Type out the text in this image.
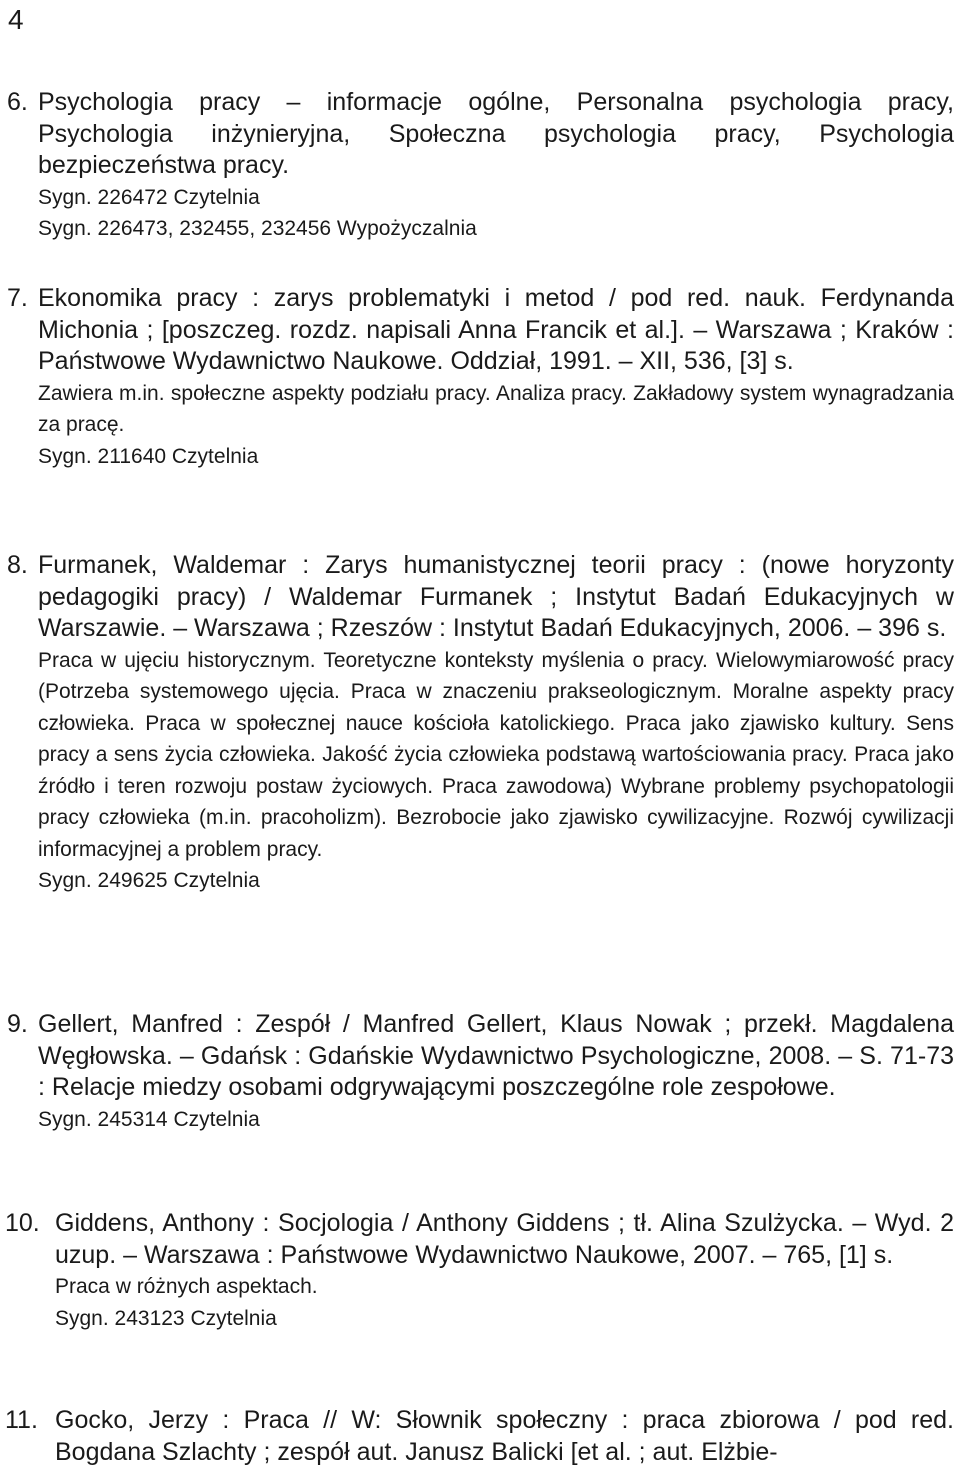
4
6. Psychologia pracy – informacje ogólne, Personalna psychologia pracy, Psychologia inżynieryjna, Społeczna psychologia pracy, Psychologia bezpieczeństwa pracy.

Sygn. 226472 Czytelnia

Sygn. 226473, 232455, 232456 Wypożyczalnia

7. Ekonomika pracy : zarys problematyki i metod / pod red. nauk. Ferdynanda Michonia ; [poszczeg. rozdz. napisali Anna Francik et al.]. – Warszawa ; Kraków : Państwowe Wydawnictwo Naukowe. Oddział, 1991. – XII, 536, [3] s.

Zawiera m.in. społeczne aspekty podziału pracy. Analiza pracy. Zakładowy system wynagradzania za pracę.

Sygn. 211640 Czytelnia

8. Furmanek, Waldemar : Zarys humanistycznej teorii pracy : (nowe horyzonty pedagogiki pracy) / Waldemar Furmanek ; Instytut Badań Edukacyjnych w Warszawie. – Warszawa ; Rzeszów : Instytut Badań Edukacyjnych, 2006. – 396 s.

Praca w ujęciu historycznym. Teoretyczne konteksty myślenia o pracy. Wielowymiarowość pracy (Potrzeba systemowego ujęcia. Praca w znaczeniu prakseologicznym. Moralne aspekty pracy człowieka. Praca w społecznej nauce kościoła katolickiego. Praca jako zjawisko kultury. Sens pracy a sens życia człowieka. Jakość życia człowieka podstawą wartościowania pracy. Praca jako źródło i teren rozwoju postaw życiowych. Praca zawodowa) Wybrane problemy psychopatologii pracy człowieka (m.in. pracoholizm). Bezrobocie jako zjawisko cywilizacyjne. Rozwój cywilizacji informacyjnej a problem pracy.

Sygn. 249625 Czytelnia

9. Gellert, Manfred : Zespół / Manfred Gellert, Klaus Nowak ; przekł. Magdalena Węgłowska. – Gdańsk : Gdańskie Wydawnictwo Psychologiczne, 2008. – S. 71-73 : Relacje miedzy osobami odgrywającymi poszczególne role zespołowe.

Sygn. 245314 Czytelnia

10. Giddens, Anthony : Socjologia / Anthony Giddens ; tł. Alina Szulżycka. – Wyd. 2 uzup. – Warszawa : Państwowe Wydawnictwo Naukowe, 2007. – 765, [1] s.

Praca w różnych aspektach.

Sygn. 243123 Czytelnia

11. Gocko, Jerzy : Praca // W: Słownik społeczny : praca zbiorowa / pod red. Bogdana Szlachty ; zespół aut. Janusz Balicki [et al. ; aut. Elżbie-
